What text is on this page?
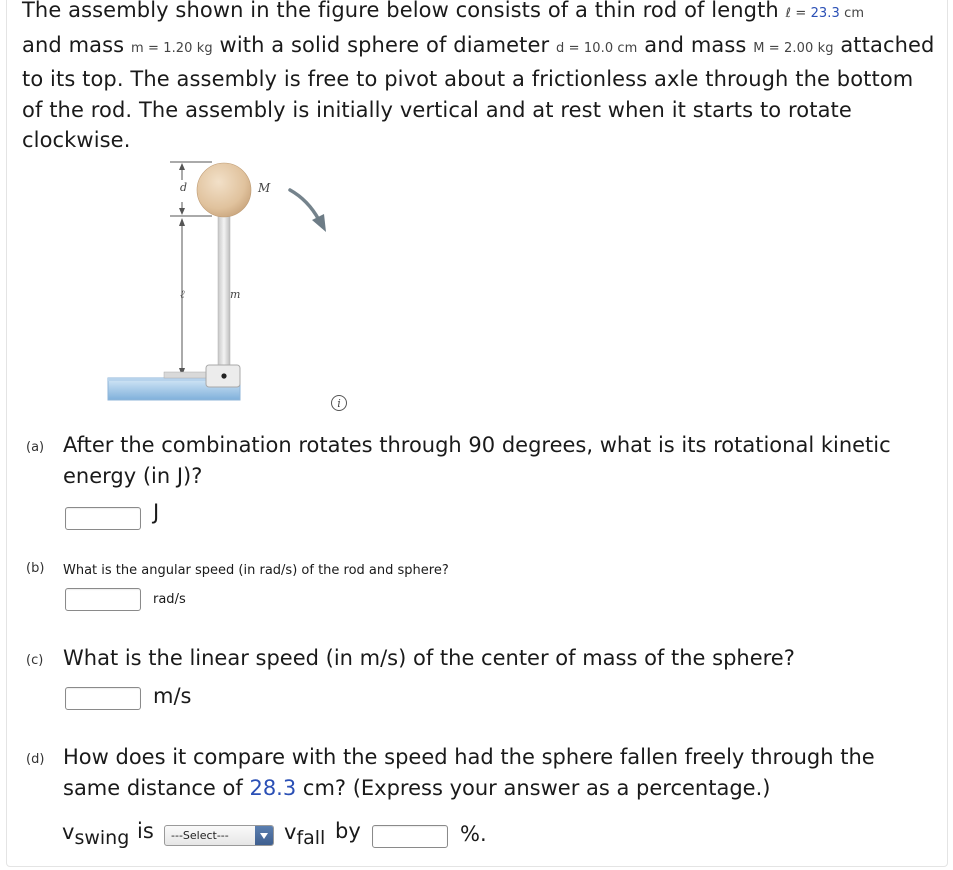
The assembly shown in the figure below consists of a thin rod of length ℓ = 23.3 cm
and mass m = 1.20 kg with a solid sphere of diameter d = 10.0 cm and mass M = 2.00 kg attached to its top. The assembly is free to pivot about a frictionless axle through the bottom of the rod. The assembly is initially vertical and at rest when it starts to rotate clockwise.
d	M
ℓ	m
i
(a) After the combination rotates through 90 degrees, what is its rotational kinetic energy (in J)?
J
(b) What is the angular speed (in rad/s) of the rod and sphere?
rad/s
(c) What is the linear speed (in m/s) of the center of mass of the sphere?
m/s
(d) How does it compare with the speed had the sphere fallen freely through the same distance of 28.3 cm? (Express your answer as a percentage.)
$v_{swing}$ is ---Select---	$v_{fall}$ by	%.
